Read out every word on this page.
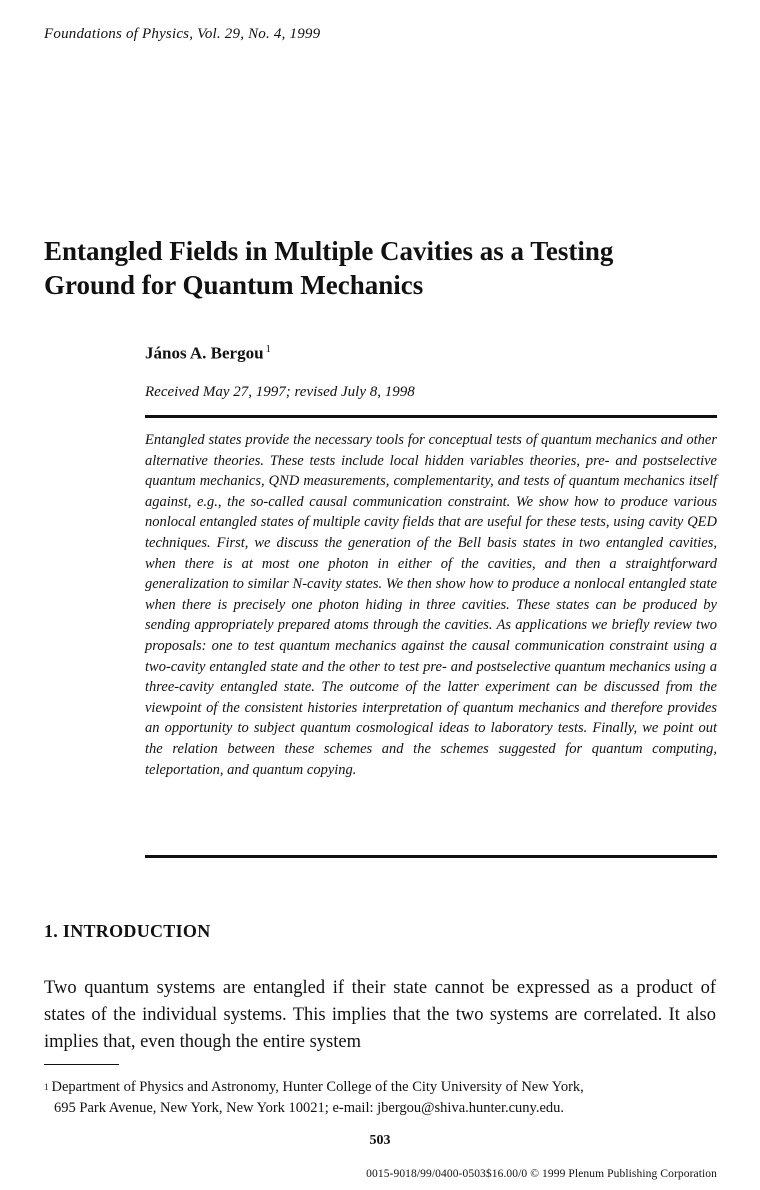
Foundations of Physics, Vol. 29, No. 4, 1999
Entangled Fields in Multiple Cavities as a Testing
Ground for Quantum Mechanics
János A. Bergou $^1$
Received May 27, 1997; revised July 8, 1998

Entangled states provide the necessary tools for conceptual tests of quantum mechanics and other alternative theories. These tests include local hidden variables theories, pre- and postselective quantum mechanics, QND measurements, complementarity, and tests of quantum mechanics itself against, e.g., the so-called causal communication constraint. We show how to produce various nonlocal entangled states of multiple cavity fields that are useful for these tests, using cavity QED techniques. First, we discuss the generation of the Bell basis states in two entangled cavities, when there is at most one photon in either of the cavities, and then a straightforward generalization to similar N-cavity states. We then show how to produce a nonlocal entangled state when there is precisely one photon hiding in three cavities. These states can be produced by sending appropriately prepared atoms through the cavities. As applications we briefly review two proposals: one to test quantum mechanics against the causal communication constraint using a two-cavity entangled state and the other to test pre- and postselective quantum mechanics using a three-cavity entangled state. The outcome of the latter experiment can be discussed from the viewpoint of the consistent histories interpretation of quantum mechanics and therefore provides an opportunity to subject quantum cosmological ideas to laboratory tests. Finally, we point out the relation between these schemes and the schemes suggested for quantum computing, teleportation, and quantum copying.

1. INTRODUCTION

Two quantum systems are entangled if their state cannot be expressed as a product of states of the individual systems. This implies that the two systems are correlated. It also implies that, even though the entire system

$^1$ Department of Physics and Astronomy, Hunter College of the City University of New York,
695 Park Avenue, New York, New York 10021; e-mail: jbergou@shiva.hunter.cuny.edu.

503
0015-9018/99/0400-0503$16.00/0 © 1999 Plenum Publishing Corporation
